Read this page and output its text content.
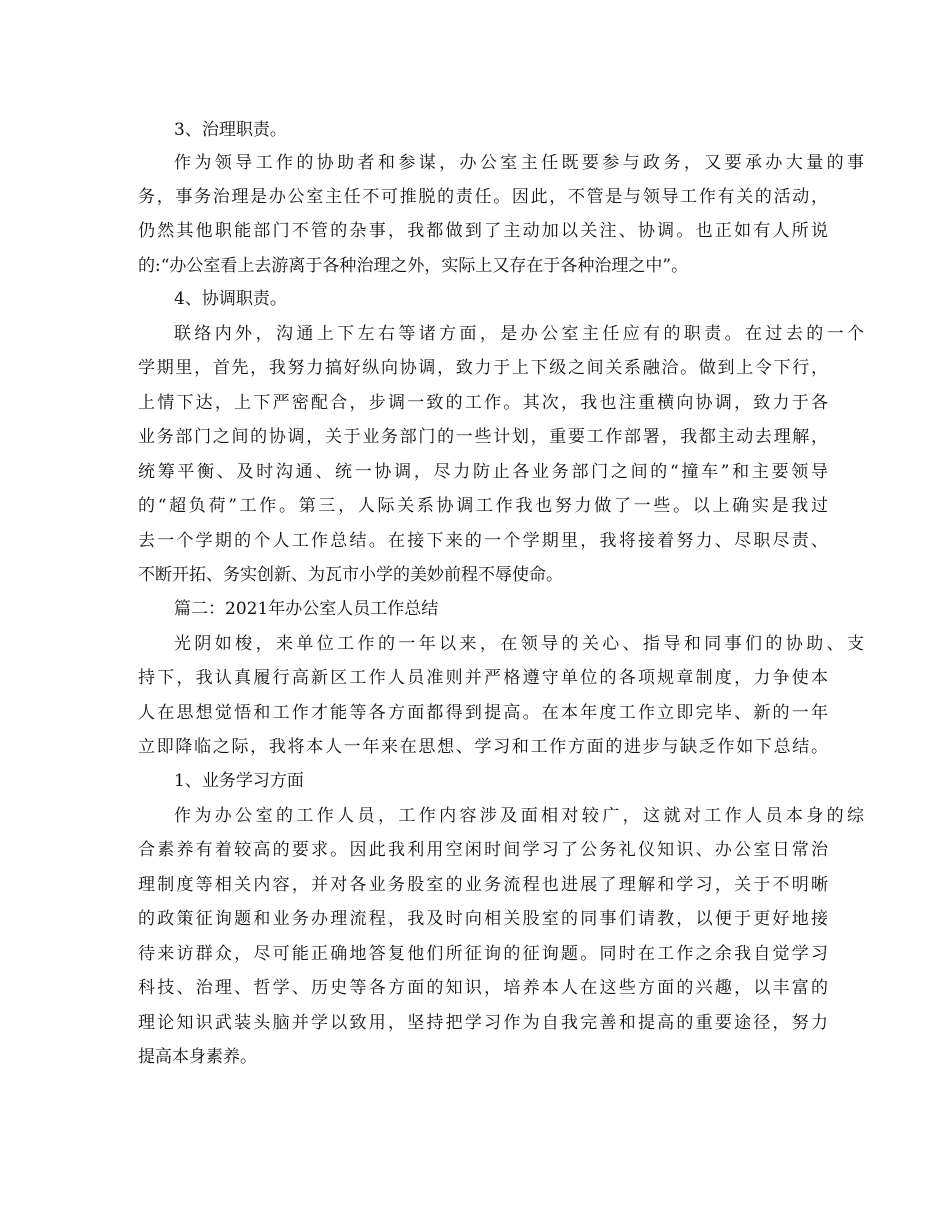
3、治理职责。
作为领导工作的协助者和参谋，办公室主任既要参与政务，又要承办大量的事
务，事务治理是办公室主任不可推脱的责任。因此，不管是与领导工作有关的活动，
仍然其他职能部门不管的杂事，我都做到了主动加以关注、协调。也正如有人所说
的:“办公室看上去游离于各种治理之外，实际上又存在于各种治理之中”。
4、协调职责。
联络内外，沟通上下左右等诸方面，是办公室主任应有的职责。在过去的一个
学期里，首先，我努力搞好纵向协调，致力于上下级之间关系融洽。做到上令下行，
上情下达，上下严密配合，步调一致的工作。其次，我也注重横向协调，致力于各
业务部门之间的协调，关于业务部门的一些计划，重要工作部署，我都主动去理解，
统筹平衡、及时沟通、统一协调，尽力防止各业务部门之间的“撞车”和主要领导
的“超负荷”工作。第三，人际关系协调工作我也努力做了一些。以上确实是我过
去一个学期的个人工作总结。在接下来的一个学期里，我将接着努力、尽职尽责、
不断开拓、务实创新、为瓦市小学的美妙前程不辱使命。
篇二：2021年办公室人员工作总结
光阴如梭，来单位工作的一年以来，在领导的关心、指导和同事们的协助、支
持下，我认真履行高新区工作人员准则并严格遵守单位的各项规章制度，力争使本
人在思想觉悟和工作才能等各方面都得到提高。在本年度工作立即完毕、新的一年
立即降临之际，我将本人一年来在思想、学习和工作方面的进步与缺乏作如下总结。
1、业务学习方面
作为办公室的工作人员，工作内容涉及面相对较广，这就对工作人员本身的综
合素养有着较高的要求。因此我利用空闲时间学习了公务礼仪知识、办公室日常治
理制度等相关内容，并对各业务股室的业务流程也进展了理解和学习，关于不明晰
的政策征询题和业务办理流程，我及时向相关股室的同事们请教，以便于更好地接
待来访群众，尽可能正确地答复他们所征询的征询题。同时在工作之余我自觉学习
科技、治理、哲学、历史等各方面的知识，培养本人在这些方面的兴趣，以丰富的
理论知识武装头脑并学以致用，坚持把学习作为自我完善和提高的重要途径，努力
提高本身素养。
